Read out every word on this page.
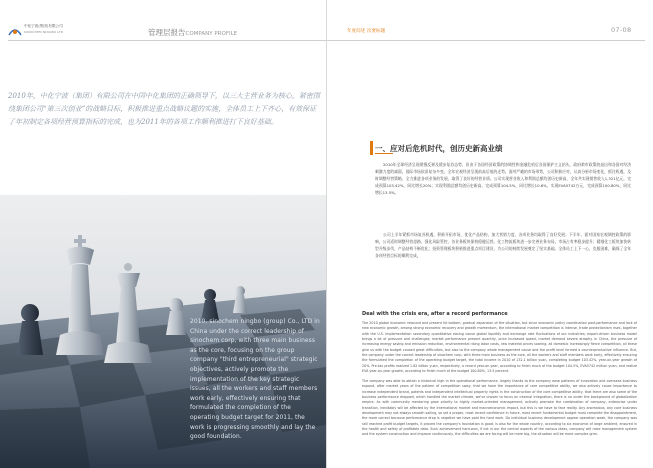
中化宁波(集团)有限公司
SINOCHEM NINGBO LTD	管理层报告COMPANY PROFILE	年度综述 次要标题	07-08

2010年，中化宁波（集团）有限公司在中国中化集团的正确领导下，以三大主营业务为核心，紧密围绕集团公司“第三次创业”的战略目标，积极推进重点战略议题的实施，全体员工上下齐心，有效保证了年初制定各项经营预算指标的完成，也为2011年的各项工作顺利推进打下良好基础。

2010, sinochem ningbo (group) Co., LTD in China under the correct leadership of sinochem corp, with three main business as the core, focusing on the group company "third entrepreneurial" strategic objectives, actively promote the implementation of the key strategic issues, all the workers and staff members work early, effectively ensuring that formulated the completion of the operating budget target for 2011, the work is progressing smoothly and lay the good foundation.

一、应对后危机时代，创历史新高业绩

2010年全球经济呈现缓慢反弹及缓步复苏态势，但由于各国经济政策的协调性和金融危机后各国保护主义抬头，政府救市政策的退出和各国对经济刺激力度的减弱，国际市场依旧复杂多变，全年宏观经济呈现前高后低的走势。面对严峻的市场形势，公司积极应对，认真分析市场变化，抓住机遇，及时调整经营策略，全力推进各项业务的发展，取得了良好的经营业绩。公司实现营业收入和利润总额均创历史新高，全年共实现销售收入1,321亿元，完成预算103.42%，同比增长20%；实现利润总额均创历史新高，完成预算104.5%，同比增长10.6%，实现EVA5742万元，完成预算100.80%，同比增长13.5%。

公司上半年紧抓市场复苏机遇，积极开拓市场，优化产品结构，加大营销力度，各项业务均取得了良好发展；下半年，面对国家宏观调控政策的影响，公司适时调整经营思路，强化风险管控，各业务板块保持稳健运营。化工物流板块进一步完善业务布局，市场占有率稳步提升；精细化工板块加快转型升级步伐，产品结构不断优化；投资管理板块积极推进重点项目建设，为公司的持续发展奠定了坚实基础。全体员工上下一心，克服困难，确保了全年各项经营目标的顺利完成。

Deal with the crisis era, after a record performance

The 2010 global economic rebound and present hit bottom, gradual expansion of the situation, but since economic policy coordination post-performance and lack of new economic growth, among strong economic recovery and growth momentum, the international market competition is intense, trade protectionism rises, together with the U.S. implementation secondary quantitative easing cause global liquidity and exchange rate fluctuations of our industries; export-driven business model brings a lot of pressure and challenges; market performance present quantity, price increased speed, market demand severe atrophy. In China, the pressure of increasing energy saving and emission reduction, environmental rising labor costs, raw material prices soaring, all domestic increasingly fierce competition, all these give us with the budget caused great difficulties, but also to the company whole management cause and the profit level formed a counterproductive influence. But, the company under the correct leadership of sinochem corp, with three main business as the core, all the workers and staff members work early, effectively ensuring the formulated the completion of the operating budget target, the total income in 2010 of 132.1 billion yuan, completing budget 103.42%, year-on-year growth of 20%. Pre-tax profits realized 1.82 billion yuan, respectively, a record year-on-year, according to finish much of the budget 104.5%, EVA5742 million yuan, and realize EVA year-on-year growth, according to finish much of the budget 100.80%, 13.5 percent.

The company was able to obtain a historical high in the operational performance, largely thanks to the company ease patterns of innovation and overseas business expand, after market years of the pattern of competition sway, that we have the importance of core competitive ability, we also actively cause importance to increase independent brand, patents and independent intellectual property rights in the construction of the core competitive ability, that there are also some of the business performance dropped, which handled the market climate, we've chosen to focus on internal integration, there is no under the background of globalization empire. As with community mentoring grow priority to highly market-oriented management, actively promote the combination of company, enterprise under transition, inevitably will be affected by the international market and macroeconomic impact, but this is we have to face reality. Any anomalous, any core business development may not always smooth sailing, so set a proper, most recent confidence in future, most recent fundamental budget must complete the disappointment, the more correct because performance drop is negative we have paid the hard work. Do individual business development appear operation weak, the company was still reached profit budget targets, it proved the company's foundation is good, is also for the whole country, according to six economic of large ambient, ensured in the health and safety of profitable data. Such achievement hard-won, if not in our the central aspects of the various ideas, company will raise management system and the system construction and improve continuously, the difficulties we are facing will be more big, the situation will be more complex grim.
